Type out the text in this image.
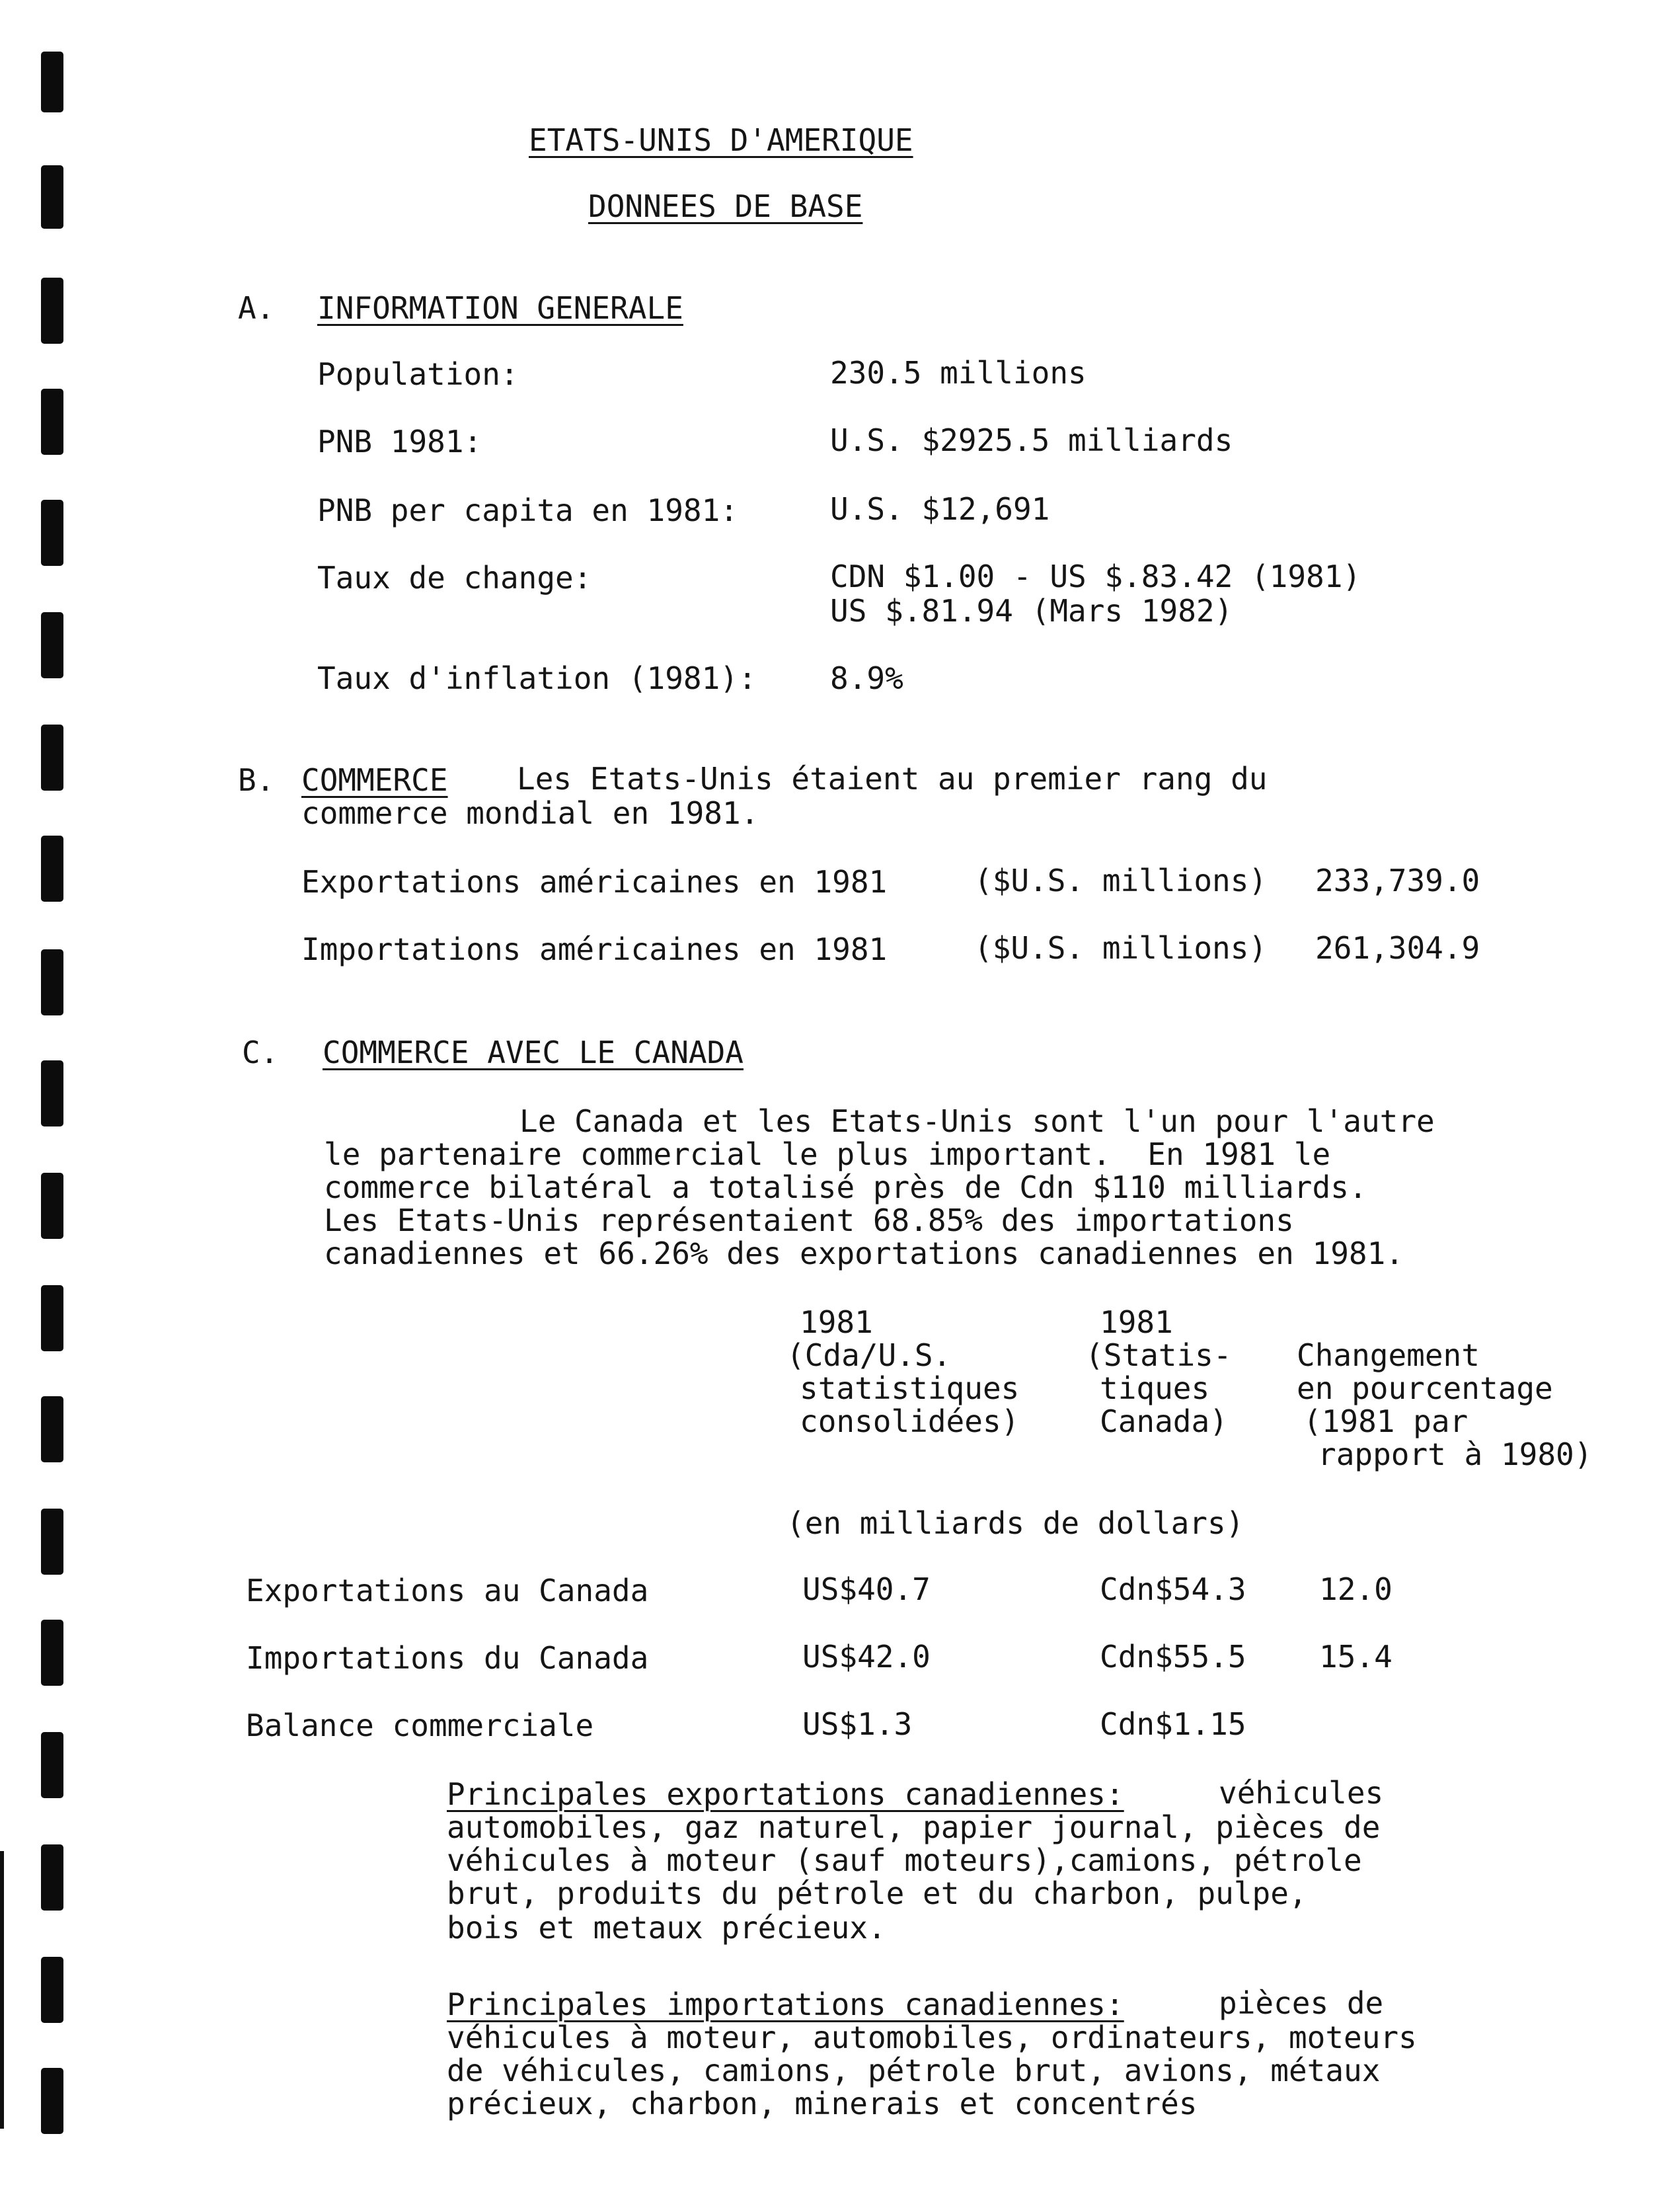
ETATS-UNIS D'AMERIQUE
DONNEES DE BASE
A. INFORMATION GENERALE
Population:	230.5 millions
PNB 1981:	U.S. $2925.5 milliards
PNB per capita en 1981:	U.S. $12,691
Taux de change:	CDN $1.00 - US $.83.42 (1981)
US $.81.94 (Mars 1982)
Taux d'inflation (1981): 8.9%
B. COMMERCE Les Etats-Unis étaient au premier rang du
commerce mondial en 1981.
Exportations américaines en 1981	($U.S. millions) 233,739.0
Importations américaines en 1981	($U.S. millions) 261,304.9
C. COMMERCE AVEC LE CANADA
Le Canada et les Etats-Unis sont l'un pour l'autre
le partenaire commercial le plus important.  En 1981 le
commerce bilatéral a totalisé près de Cdn $110 milliards.
Les Etats-Unis représentaient 68.85% des importations
canadiennes et 66.26% des exportations canadiennes en 1981.
1981
(Cda/U.S.
statistiques
consolidées)
1981
(Statis-
tiques
Canada)
Changement
en pourcentage
(1981 par
rapport à 1980)
(en milliards de dollars)
Exportations au Canada	US$40.7	Cdn$54.3 12.0
Importations du Canada	US$42.0	Cdn$55.5 15.4
Balance commerciale	US$1.3	Cdn$1.15
Principales exportations canadiennes:	véhicules
automobiles, gaz naturel, papier journal, pièces de
véhicules à moteur (sauf moteurs),camions, pétrole
brut, produits du pétrole et du charbon, pulpe,
bois et metaux précieux.
Principales importations canadiennes:	pièces de
véhicules à moteur, automobiles, ordinateurs, moteurs
de véhicules, camions, pétrole brut, avions, métaux
précieux, charbon, minerais et concentrés
